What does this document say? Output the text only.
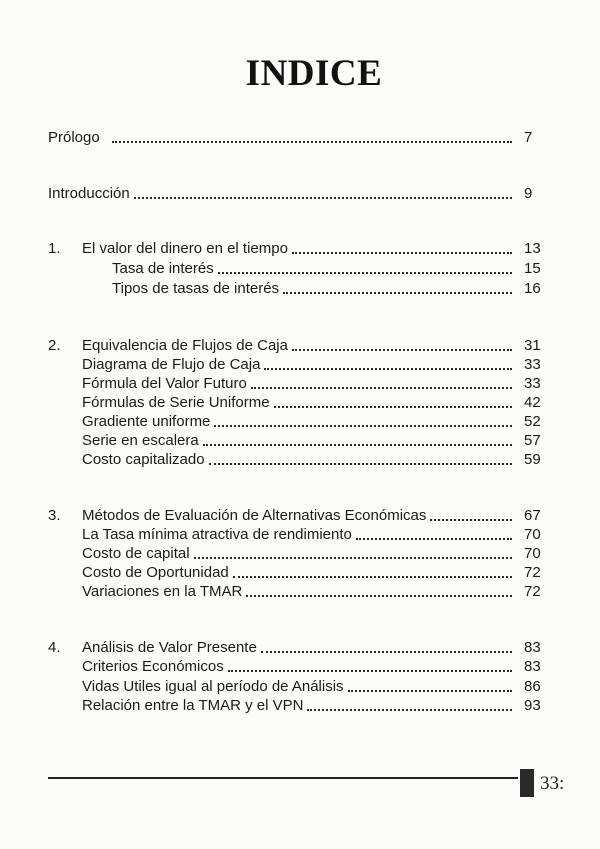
INDICE
Prólogo	7
Introducción	9
1.	El valor del dinero en el tiempo	13
Tasa de interés	15
Tipos de tasas de interés	16
2.	Equivalencia de Flujos de Caja	31
Diagrama de Flujo de Caja	33
Fórmula del Valor Futuro	33
Fórmulas de Serie Uniforme	42
Gradiente uniforme	52
Serie en escalera	57
Costo capitalizado	59
3.	Métodos de Evaluación de Alternativas Económicas	67
La Tasa mínima atractiva de rendimiento	70
Costo de capital	70
Costo de Oportunidad	72
Variaciones en la TMAR	72
4.	Análisis de Valor Presente	83
Criterios Económicos	83
Vidas Utiles igual al período de Análisis	86
Relación entre la TMAR y el VPN	93
33:
